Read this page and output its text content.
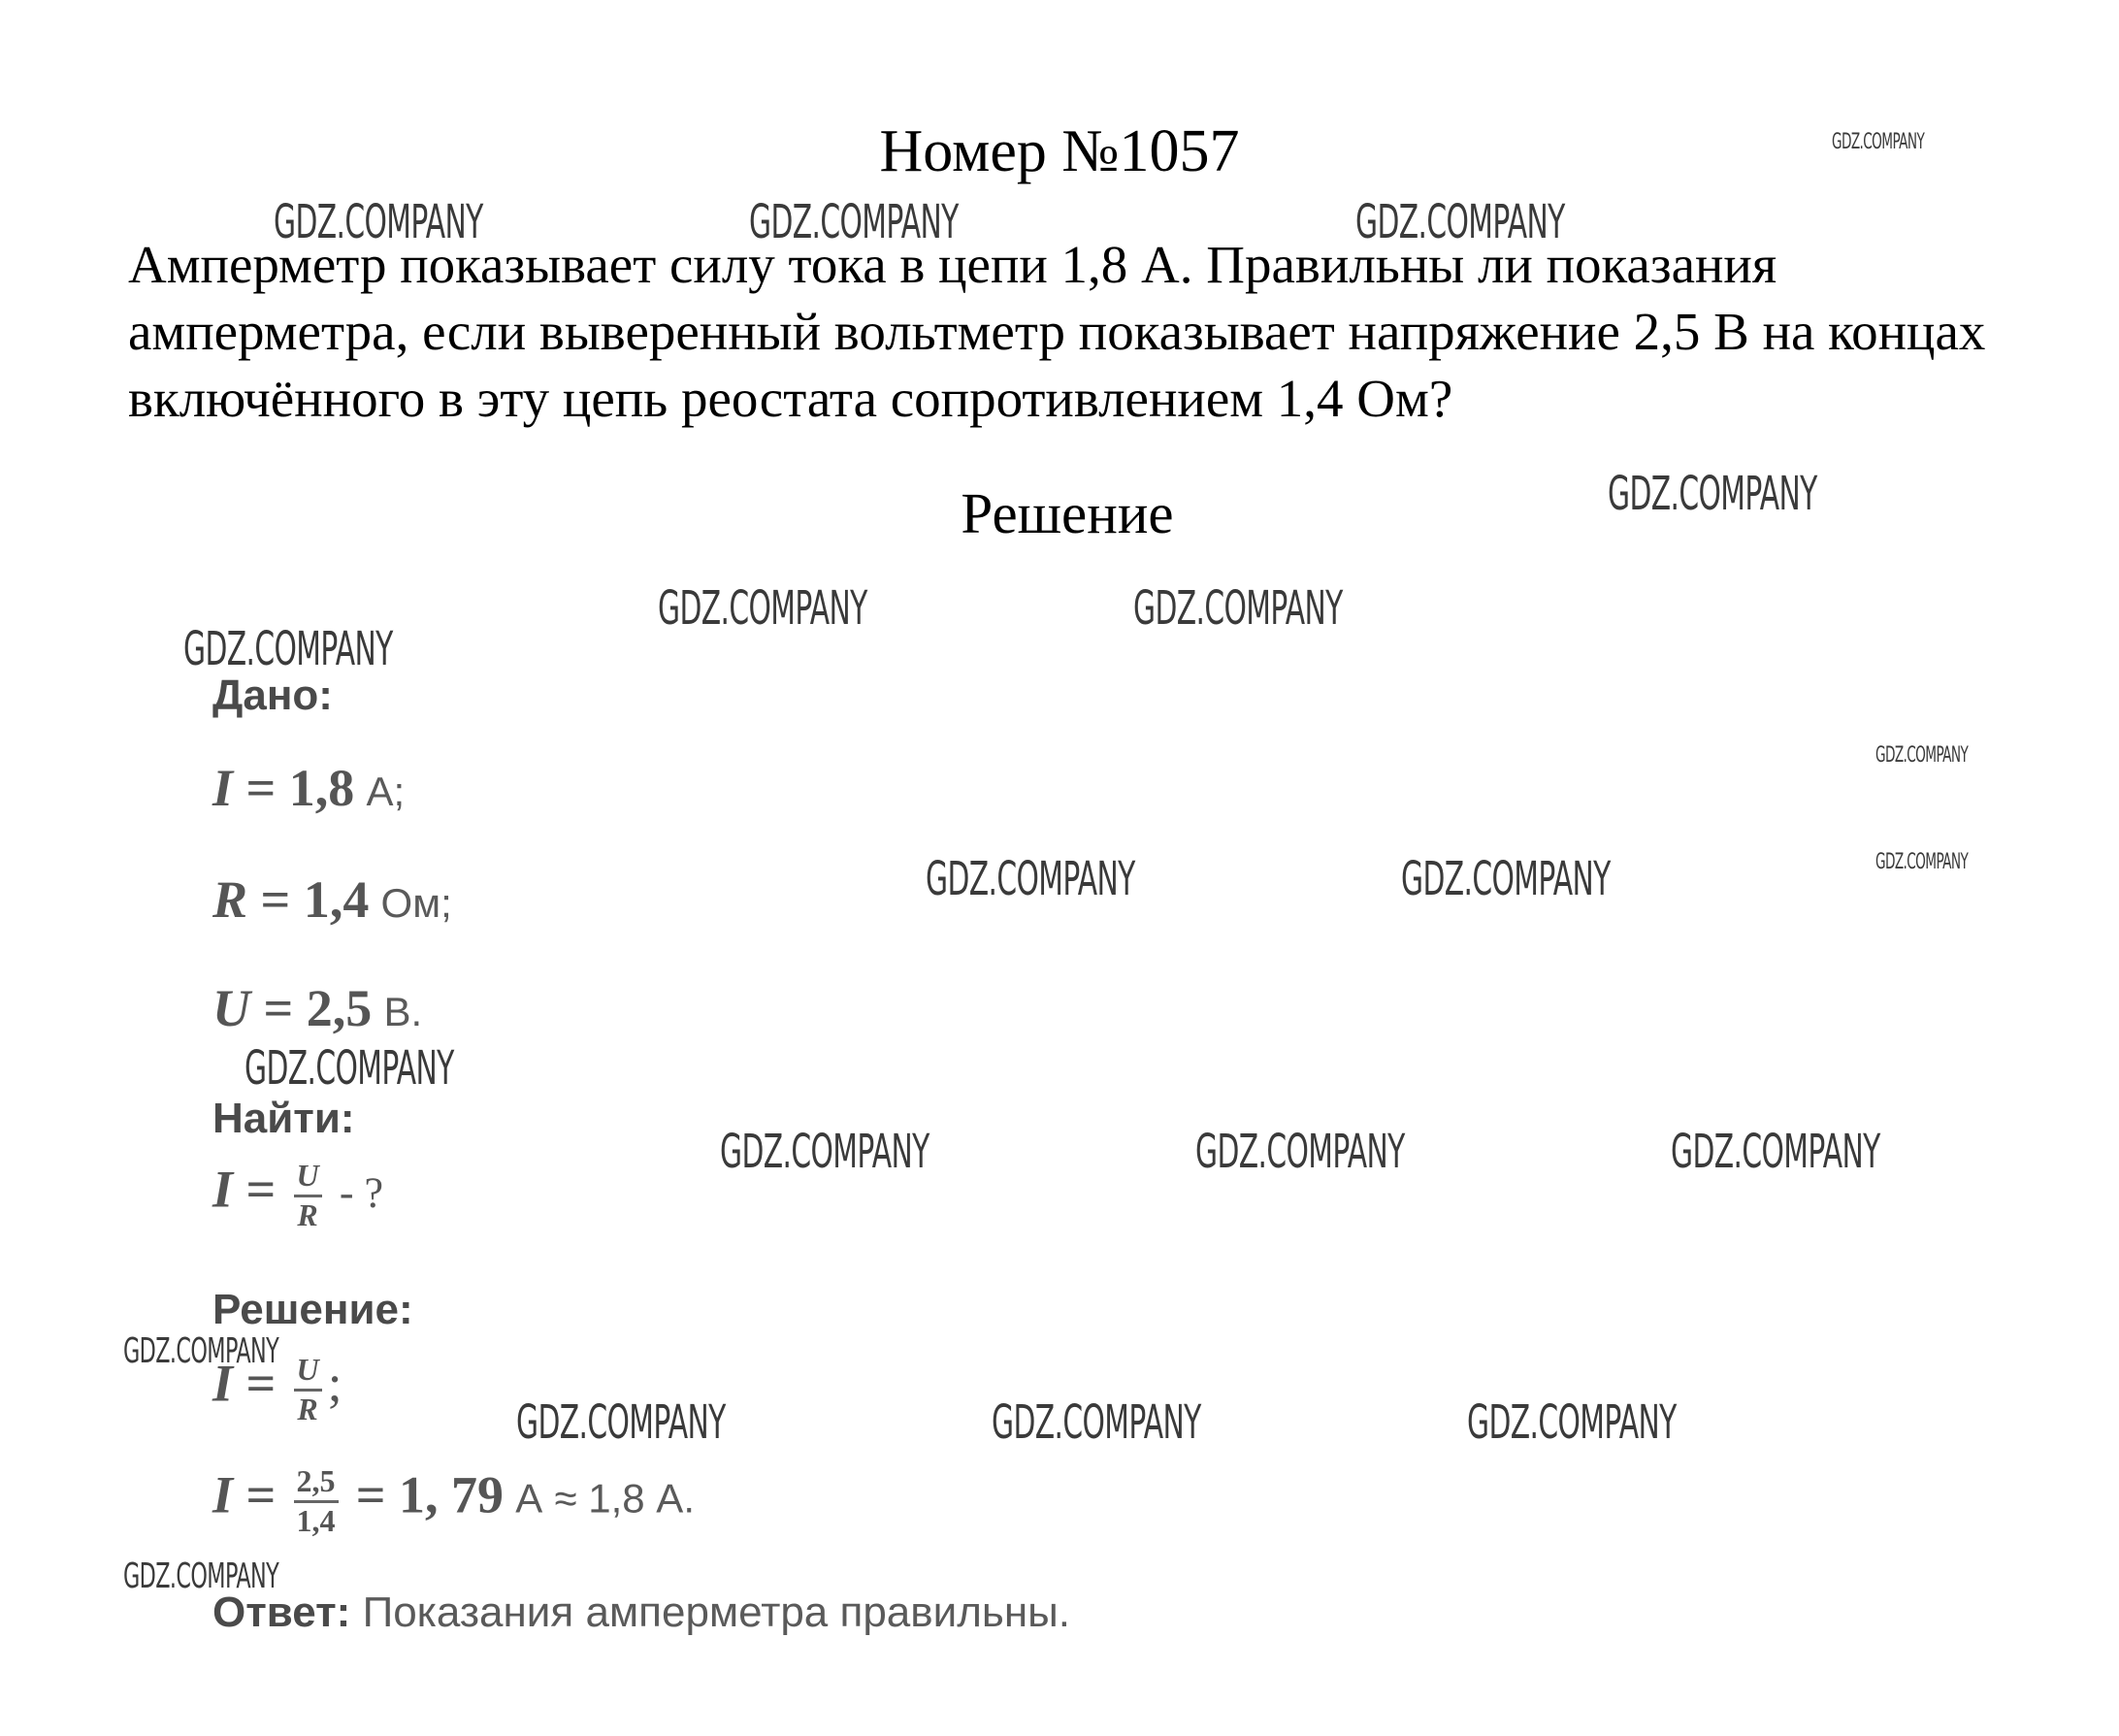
Номер №1057

Амперметр показывает силу тока в цепи 1,8 А. Правильны ли показания амперметра, если выверенный вольтметр показывает напряжение 2,5 В на концах включённого в эту цепь реостата сопротивлением 1,4 Ом?

Решение
Дано:
I = 1,8 А;
R = 1,4 Ом;
U = 2,5 В.
Найти:
$I = \frac{U}{R}$ - ?
Решение:
$I = \frac{U}{R}$ ;
$I = \frac{2,5}{1,4} = 1$, 79 А ≈ 1,8 А.
Ответ: Показания амперметра правильны.
GDZ.COMPANY
GDZ.COMPANY	GDZ.COMPANY	GDZ.COMPANY
GDZ.COMPANY
GDZ.COMPANY	GDZ.COMPANY
GDZ.COMPANY
GDZ.COMPANY
GDZ.COMPANY
GDZ.COMPANY	GDZ.COMPANY
GDZ.COMPANY
GDZ.COMPANY	GDZ.COMPANY	GDZ.COMPANY
GDZ.COMPANY
GDZ.COMPANY	GDZ.COMPANY	GDZ.COMPANY
GDZ.COMPANY
